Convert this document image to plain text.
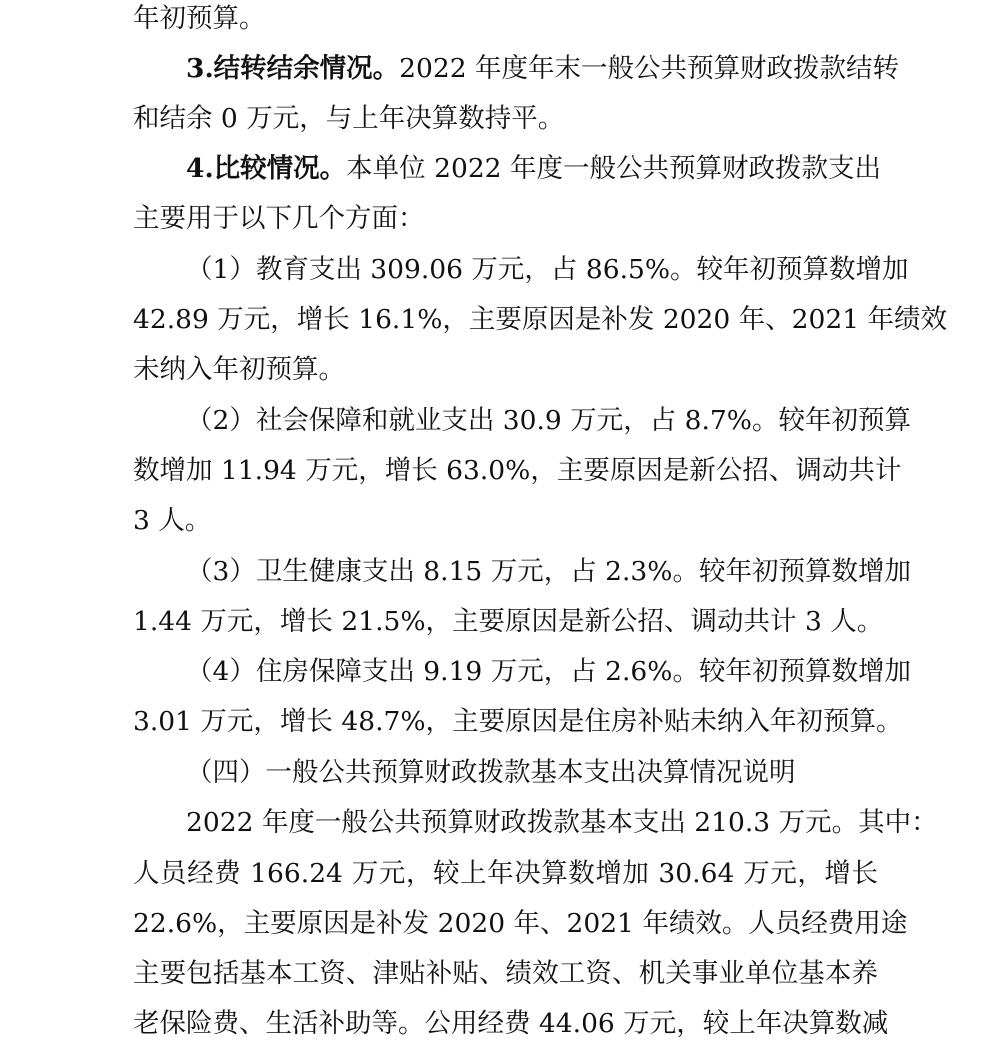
年初预算。
3.结转结余情况。2022 年度年末一般公共预算财政拨款结转
和结余 0 万元，与上年决算数持平。
4.比较情况。本单位 2022 年度一般公共预算财政拨款支出
主要用于以下几个方面：
（1）教育支出 309.06 万元，占 86.5%。较年初预算数增加
42.89 万元，增长 16.1%，主要原因是补发 2020 年、2021 年绩效
未纳入年初预算。
（2）社会保障和就业支出 30.9 万元，占 8.7%。较年初预算
数增加 11.94 万元，增长 63.0%，主要原因是新公招、调动共计
3 人。
（3）卫生健康支出 8.15 万元，占 2.3%。较年初预算数增加
1.44 万元，增长 21.5%，主要原因是新公招、调动共计 3 人。
（4）住房保障支出 9.19 万元，占 2.6%。较年初预算数增加
3.01 万元，增长 48.7%，主要原因是住房补贴未纳入年初预算。
（四）一般公共预算财政拨款基本支出决算情况说明
2022 年度一般公共预算财政拨款基本支出 210.3 万元。其中：
人员经费 166.24 万元，较上年决算数增加 30.64 万元，增长
22.6%，主要原因是补发 2020 年、2021 年绩效。人员经费用途
主要包括基本工资、津贴补贴、绩效工资、机关事业单位基本养
老保险费、生活补助等。公用经费 44.06 万元，较上年决算数减
